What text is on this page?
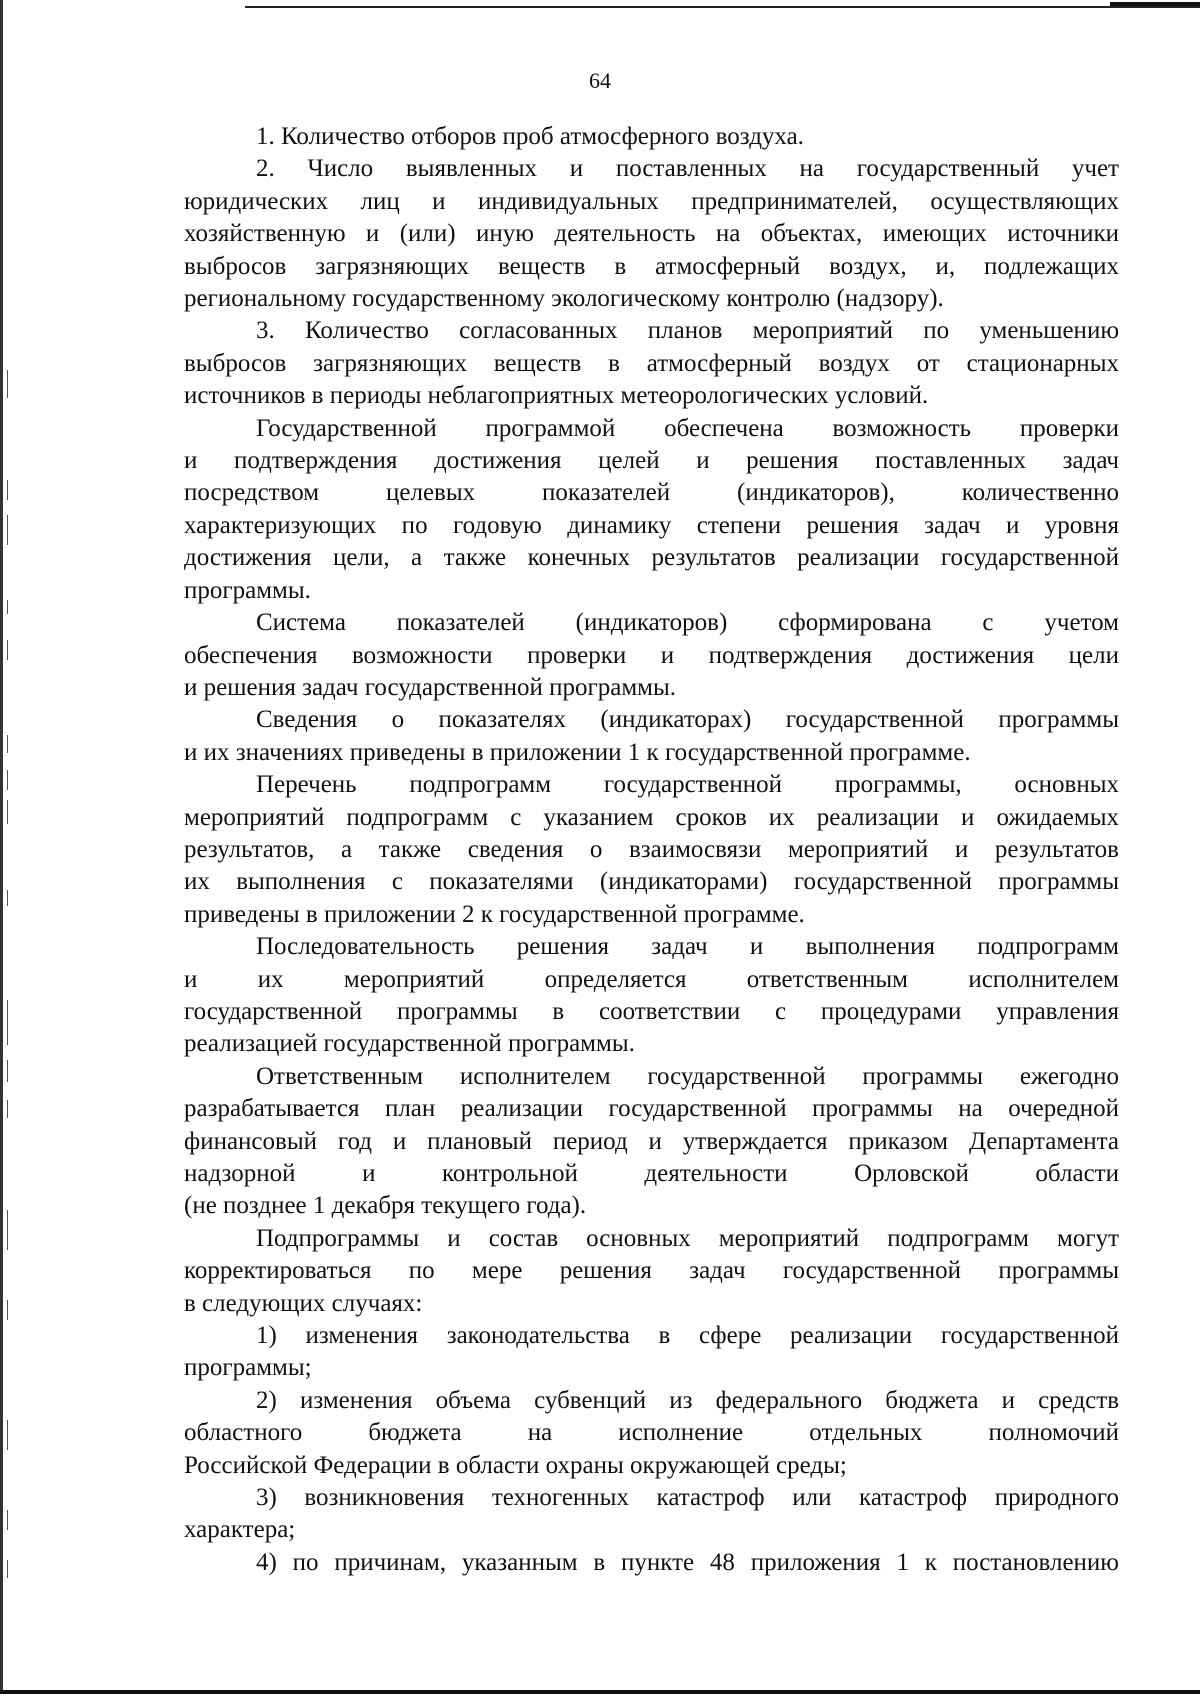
64
1. Количество отборов проб атмосферного воздуха.
2. Число выявленных и поставленных на государственный учет
юридических лиц и индивидуальных предпринимателей, осуществляющих
хозяйственную и (или) иную деятельность на объектах, имеющих источники
выбросов загрязняющих веществ в атмосферный воздух, и, подлежащих
региональному государственному экологическому контролю (надзору).
3. Количество согласованных планов мероприятий по уменьшению
выбросов загрязняющих веществ в атмосферный воздух от стационарных
источников в периоды неблагоприятных метеорологических условий.
Государственной программой обеспечена возможность проверки
и подтверждения достижения целей и решения поставленных задач
посредством целевых показателей (индикаторов), количественно
характеризующих по годовую динамику степени решения задач и уровня
достижения цели, а также конечных результатов реализации государственной
программы.
Система показателей (индикаторов) сформирована с учетом
обеспечения возможности проверки и подтверждения достижения цели
и решения задач государственной программы.
Сведения о показателях (индикаторах) государственной программы
и их значениях приведены в приложении 1 к государственной программе.
Перечень подпрограмм государственной программы, основных
мероприятий подпрограмм с указанием сроков их реализации и ожидаемых
результатов, а также сведения о взаимосвязи мероприятий и результатов
их выполнения с показателями (индикаторами) государственной программы
приведены в приложении 2 к государственной программе.
Последовательность решения задач и выполнения подпрограмм
и их мероприятий определяется ответственным исполнителем
государственной программы в соответствии с процедурами управления
реализацией государственной программы.
Ответственным исполнителем государственной программы ежегодно
разрабатывается план реализации государственной программы на очередной
финансовый год и плановый период и утверждается приказом Департамента
надзорной и контрольной деятельности Орловской области
(не позднее 1 декабря текущего года).
Подпрограммы и состав основных мероприятий подпрограмм могут
корректироваться по мере решения задач государственной программы
в следующих случаях:
1) изменения законодательства в сфере реализации государственной
программы;
2) изменения объема субвенций из федерального бюджета и средств
областного бюджета на исполнение отдельных полномочий
Российской Федерации в области охраны окружающей среды;
3) возникновения техногенных катастроф или катастроф природного
характера;
4) по причинам, указанным в пункте 48 приложения 1 к постановлению
